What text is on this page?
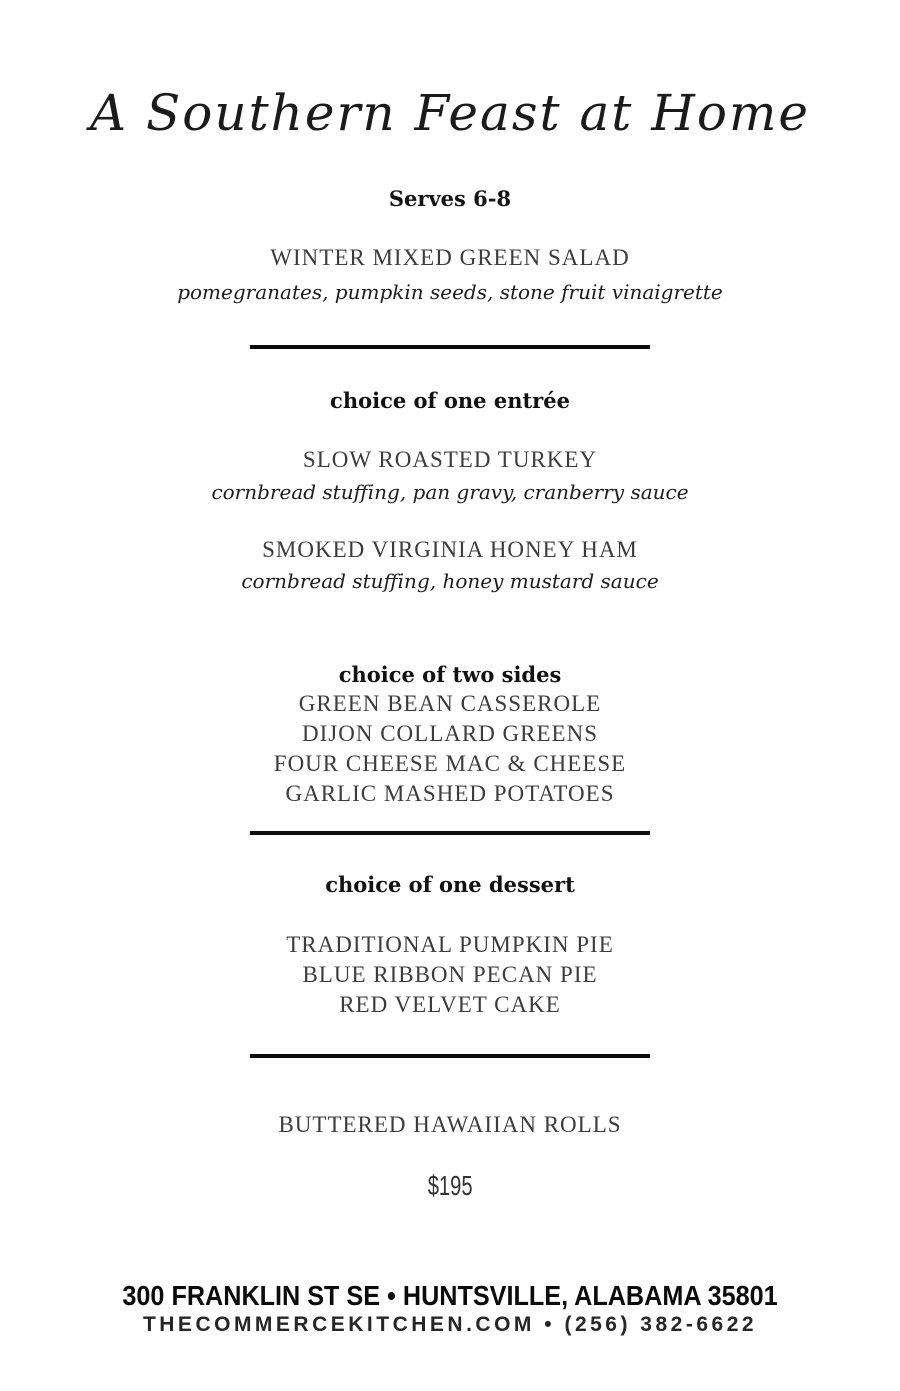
A Southern Feast at Home
Serves 6-8
WINTER MIXED GREEN SALAD
pomegranates, pumpkin seeds, stone fruit vinaigrette
choice of one entrée
SLOW ROASTED TURKEY
cornbread stuffing, pan gravy, cranberry sauce
SMOKED VIRGINIA HONEY HAM
cornbread stuffing, honey mustard sauce
choice of two sides
GREEN BEAN CASSEROLE
DIJON COLLARD GREENS
FOUR CHEESE MAC & CHEESE
GARLIC MASHED POTATOES
choice of one dessert
TRADITIONAL PUMPKIN PIE
BLUE RIBBON PECAN PIE
RED VELVET CAKE
BUTTERED HAWAIIAN ROLLS
$195
300 FRANKLIN ST SE • HUNTSVILLE, ALABAMA 35801
THECOMMERCEKITCHEN.COM • (256) 382-6622
